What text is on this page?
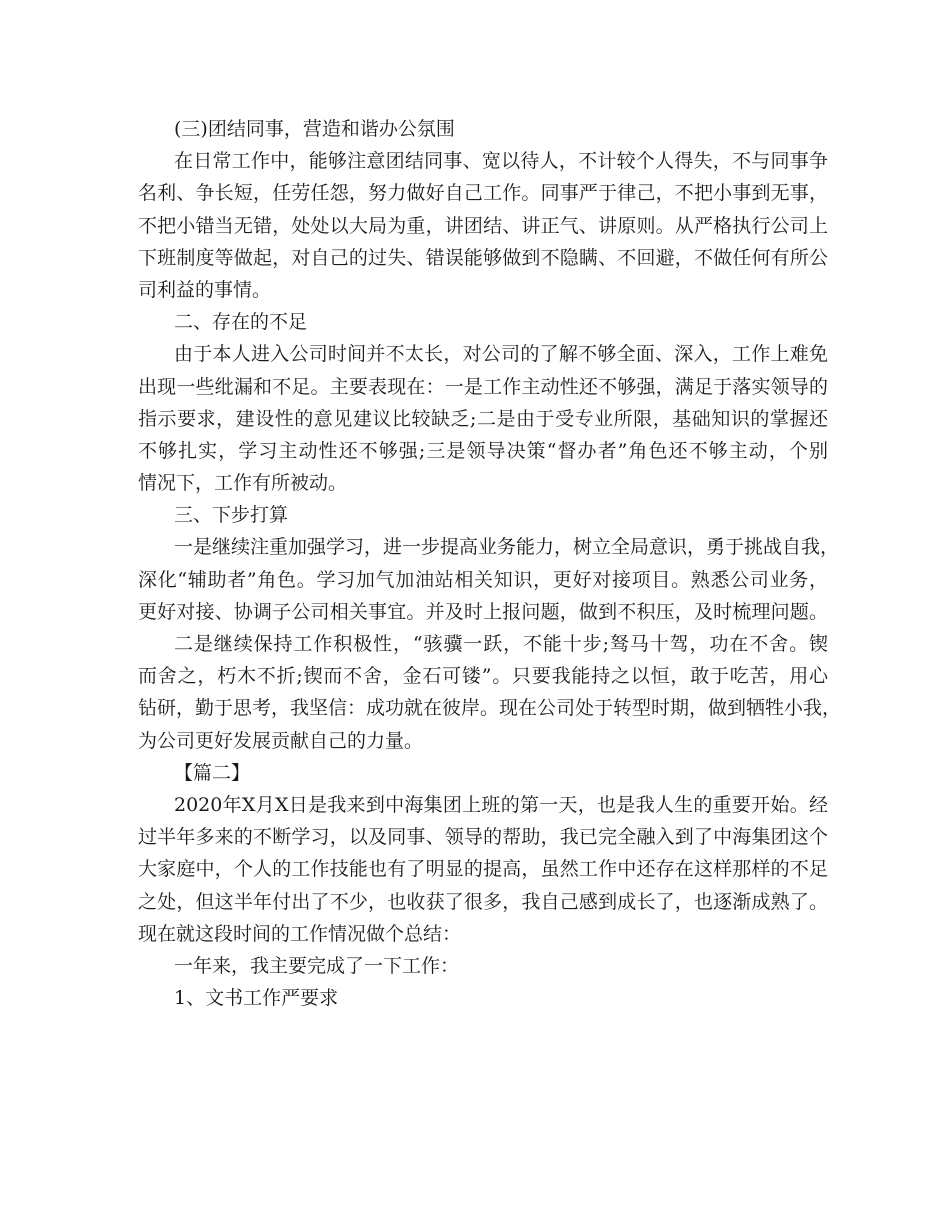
(三)团结同事，营造和谐办公氛围
在日常工作中，能够注意团结同事、宽以待人，不计较个人得失，不与同事争
名利、争长短，任劳任怨，努力做好自己工作。同事严于律己，不把小事到无事，
不把小错当无错，处处以大局为重，讲团结、讲正气、讲原则。从严格执行公司上
下班制度等做起，对自己的过失、错误能够做到不隐瞒、不回避，不做任何有所公
司利益的事情。
二、存在的不足
由于本人进入公司时间并不太长，对公司的了解不够全面、深入，工作上难免
出现一些纰漏和不足。主要表现在：一是工作主动性还不够强，满足于落实领导的
指示要求，建设性的意见建议比较缺乏;二是由于受专业所限，基础知识的掌握还
不够扎实，学习主动性还不够强;三是领导决策“督办者”角色还不够主动，个别
情况下，工作有所被动。
三、下步打算
一是继续注重加强学习，进一步提高业务能力，树立全局意识，勇于挑战自我，
深化“辅助者”角色。学习加气加油站相关知识，更好对接项目。熟悉公司业务，
更好对接、协调子公司相关事宜。并及时上报问题，做到不积压，及时梳理问题。
二是继续保持工作积极性，“骇骥一跃，不能十步;驽马十驾，功在不舍。锲
而舍之，朽木不折;锲而不舍，金石可镂”。只要我能持之以恒，敢于吃苦，用心
钻研，勤于思考，我坚信：成功就在彼岸。现在公司处于转型时期，做到牺牲小我，
为公司更好发展贡献自己的力量。
【篇二】
2020年X月X日是我来到中海集团上班的第一天，也是我人生的重要开始。经
过半年多来的不断学习，以及同事、领导的帮助，我已完全融入到了中海集团这个
大家庭中，个人的工作技能也有了明显的提高，虽然工作中还存在这样那样的不足
之处，但这半年付出了不少，也收获了很多，我自己感到成长了，也逐渐成熟了。
现在就这段时间的工作情况做个总结：
一年来，我主要完成了一下工作：
1、文书工作严要求
